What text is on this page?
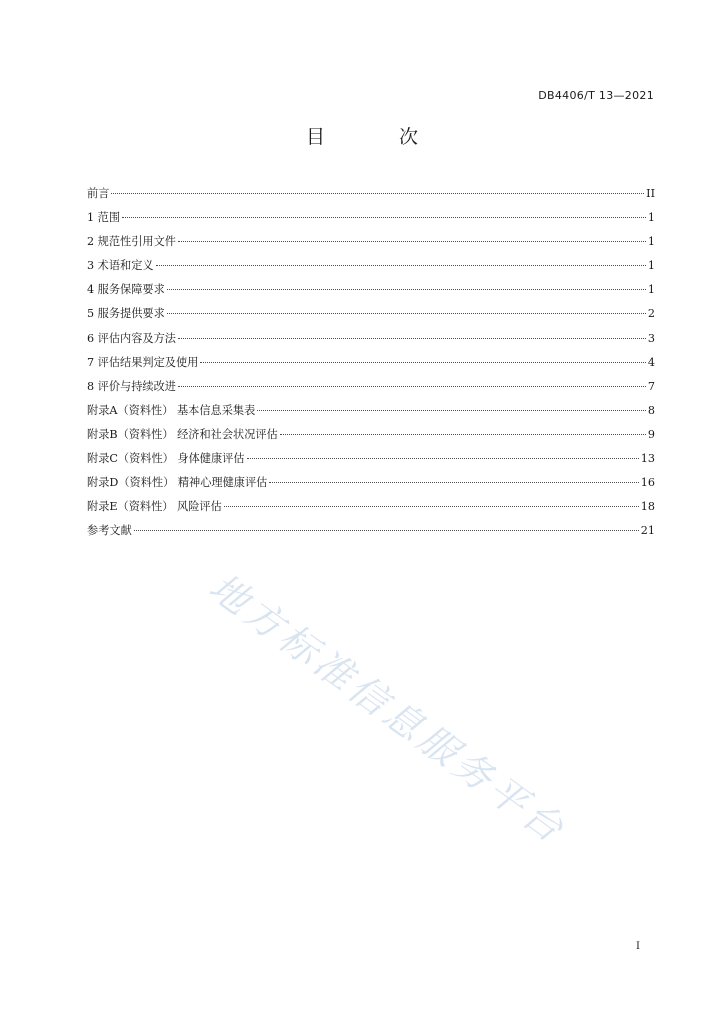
DB4406/T 13—2021
目 次
前言	II
1 范围	1
2 规范性引用文件	1
3 术语和定义	1
4 服务保障要求	1
5 服务提供要求	2
6 评估内容及方法	3
7 评估结果判定及使用	4
8 评价与持续改进	7
附录A（资料性） 基本信息采集表	8
附录B（资料性） 经济和社会状况评估	9
附录C（资料性） 身体健康评估	13
附录D（资料性） 精神心理健康评估	16
附录E（资料性） 风险评估	18
参考文献	21
地方标准信息服务平台
I
